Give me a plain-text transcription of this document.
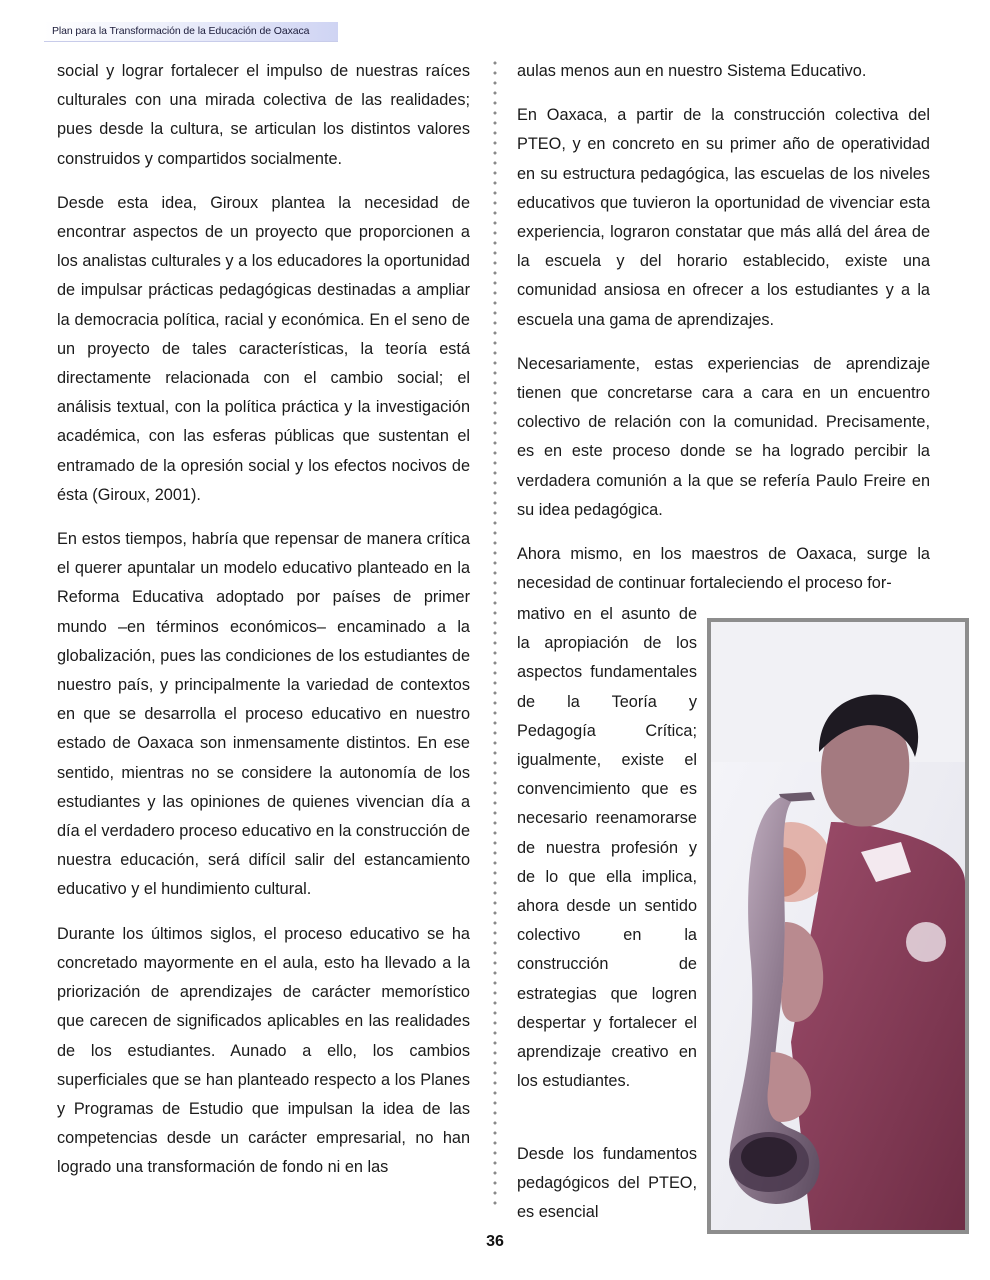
Plan para la Transformación de la Educación de Oaxaca

social y lograr fortalecer el impulso de nuestras raíces culturales con una mirada colectiva de las realidades; pues desde la cultura, se articulan los distintos valores construidos y compartidos socialmente.

Desde esta idea, Giroux plantea la necesidad de encontrar aspectos de un proyecto que proporcionen a los analistas culturales y a los educadores la oportunidad de impulsar prácticas pedagógicas destinadas a ampliar la democracia política, racial y económica. En el seno de un proyecto de tales características, la teoría está directamente relacionada con el cambio social; el análisis textual, con la política práctica y la investigación académica, con las esferas públicas que sustentan el entramado de la opresión social y los efectos nocivos de ésta (Giroux, 2001).

En estos tiempos, habría que repensar de manera crítica el querer apuntalar un modelo educativo planteado en la Reforma Educativa adoptado por países de primer mundo –en términos económicos– encaminado a la globalización, pues las condiciones de los estudiantes de nuestro país, y principalmente la variedad de contextos en que se desarrolla el proceso educativo en nuestro estado de Oaxaca son inmensamente distintos. En ese sentido, mientras no se considere la autonomía de los estudiantes y las opiniones de quienes vivencian día a día el verdadero proceso educativo en la construcción de nuestra educación, será difícil salir del estancamiento educativo y el hundimiento cultural.

Durante los últimos siglos, el proceso educativo se ha concretado mayormente en el aula, esto ha llevado a la priorización de aprendizajes de carácter memorístico que carecen de significados aplicables en las realidades de los estudiantes. Aunado a ello, los cambios superficiales que se han planteado respecto a los Planes y Programas de Estudio que impulsan la idea de las competencias desde un carácter empresarial, no han logrado una transformación de fondo ni en las

aulas menos aun en nuestro Sistema Educativo.

En Oaxaca, a partir de la construcción colectiva del PTEO, y en concreto en su primer año de operatividad en su estructura pedagógica, las escuelas de los niveles educativos que tuvieron la oportunidad de vivenciar esta experiencia, lograron constatar que más allá del área de la escuela y del horario establecido, existe una comunidad ansiosa en ofrecer a los estudiantes y a la escuela una gama de aprendizajes.

Necesariamente, estas experiencias de aprendizaje tienen que concretarse cara a cara en un encuentro colectivo de relación con la comunidad. Precisamente, es en este proceso donde se ha logrado percibir la verdadera comunión a la que se refería Paulo Freire en su idea pedagógica.

Ahora mismo, en los maestros de Oaxaca, surge la necesidad de continuar fortaleciendo el proceso for-

mativo en el asunto de la apropiación de los aspectos fundamentales de la Teoría y Pedagogía Crítica; igualmente, existe el convencimiento que es necesario reenamorarse de nuestra profesión y de lo que ella implica, ahora desde un sentido colectivo en la construcción de estrategias que logren despertar y fortalecer el aprendizaje creativo en los estudiantes.
Desde los fundamentos pedagógicos del PTEO, es esencial
36
